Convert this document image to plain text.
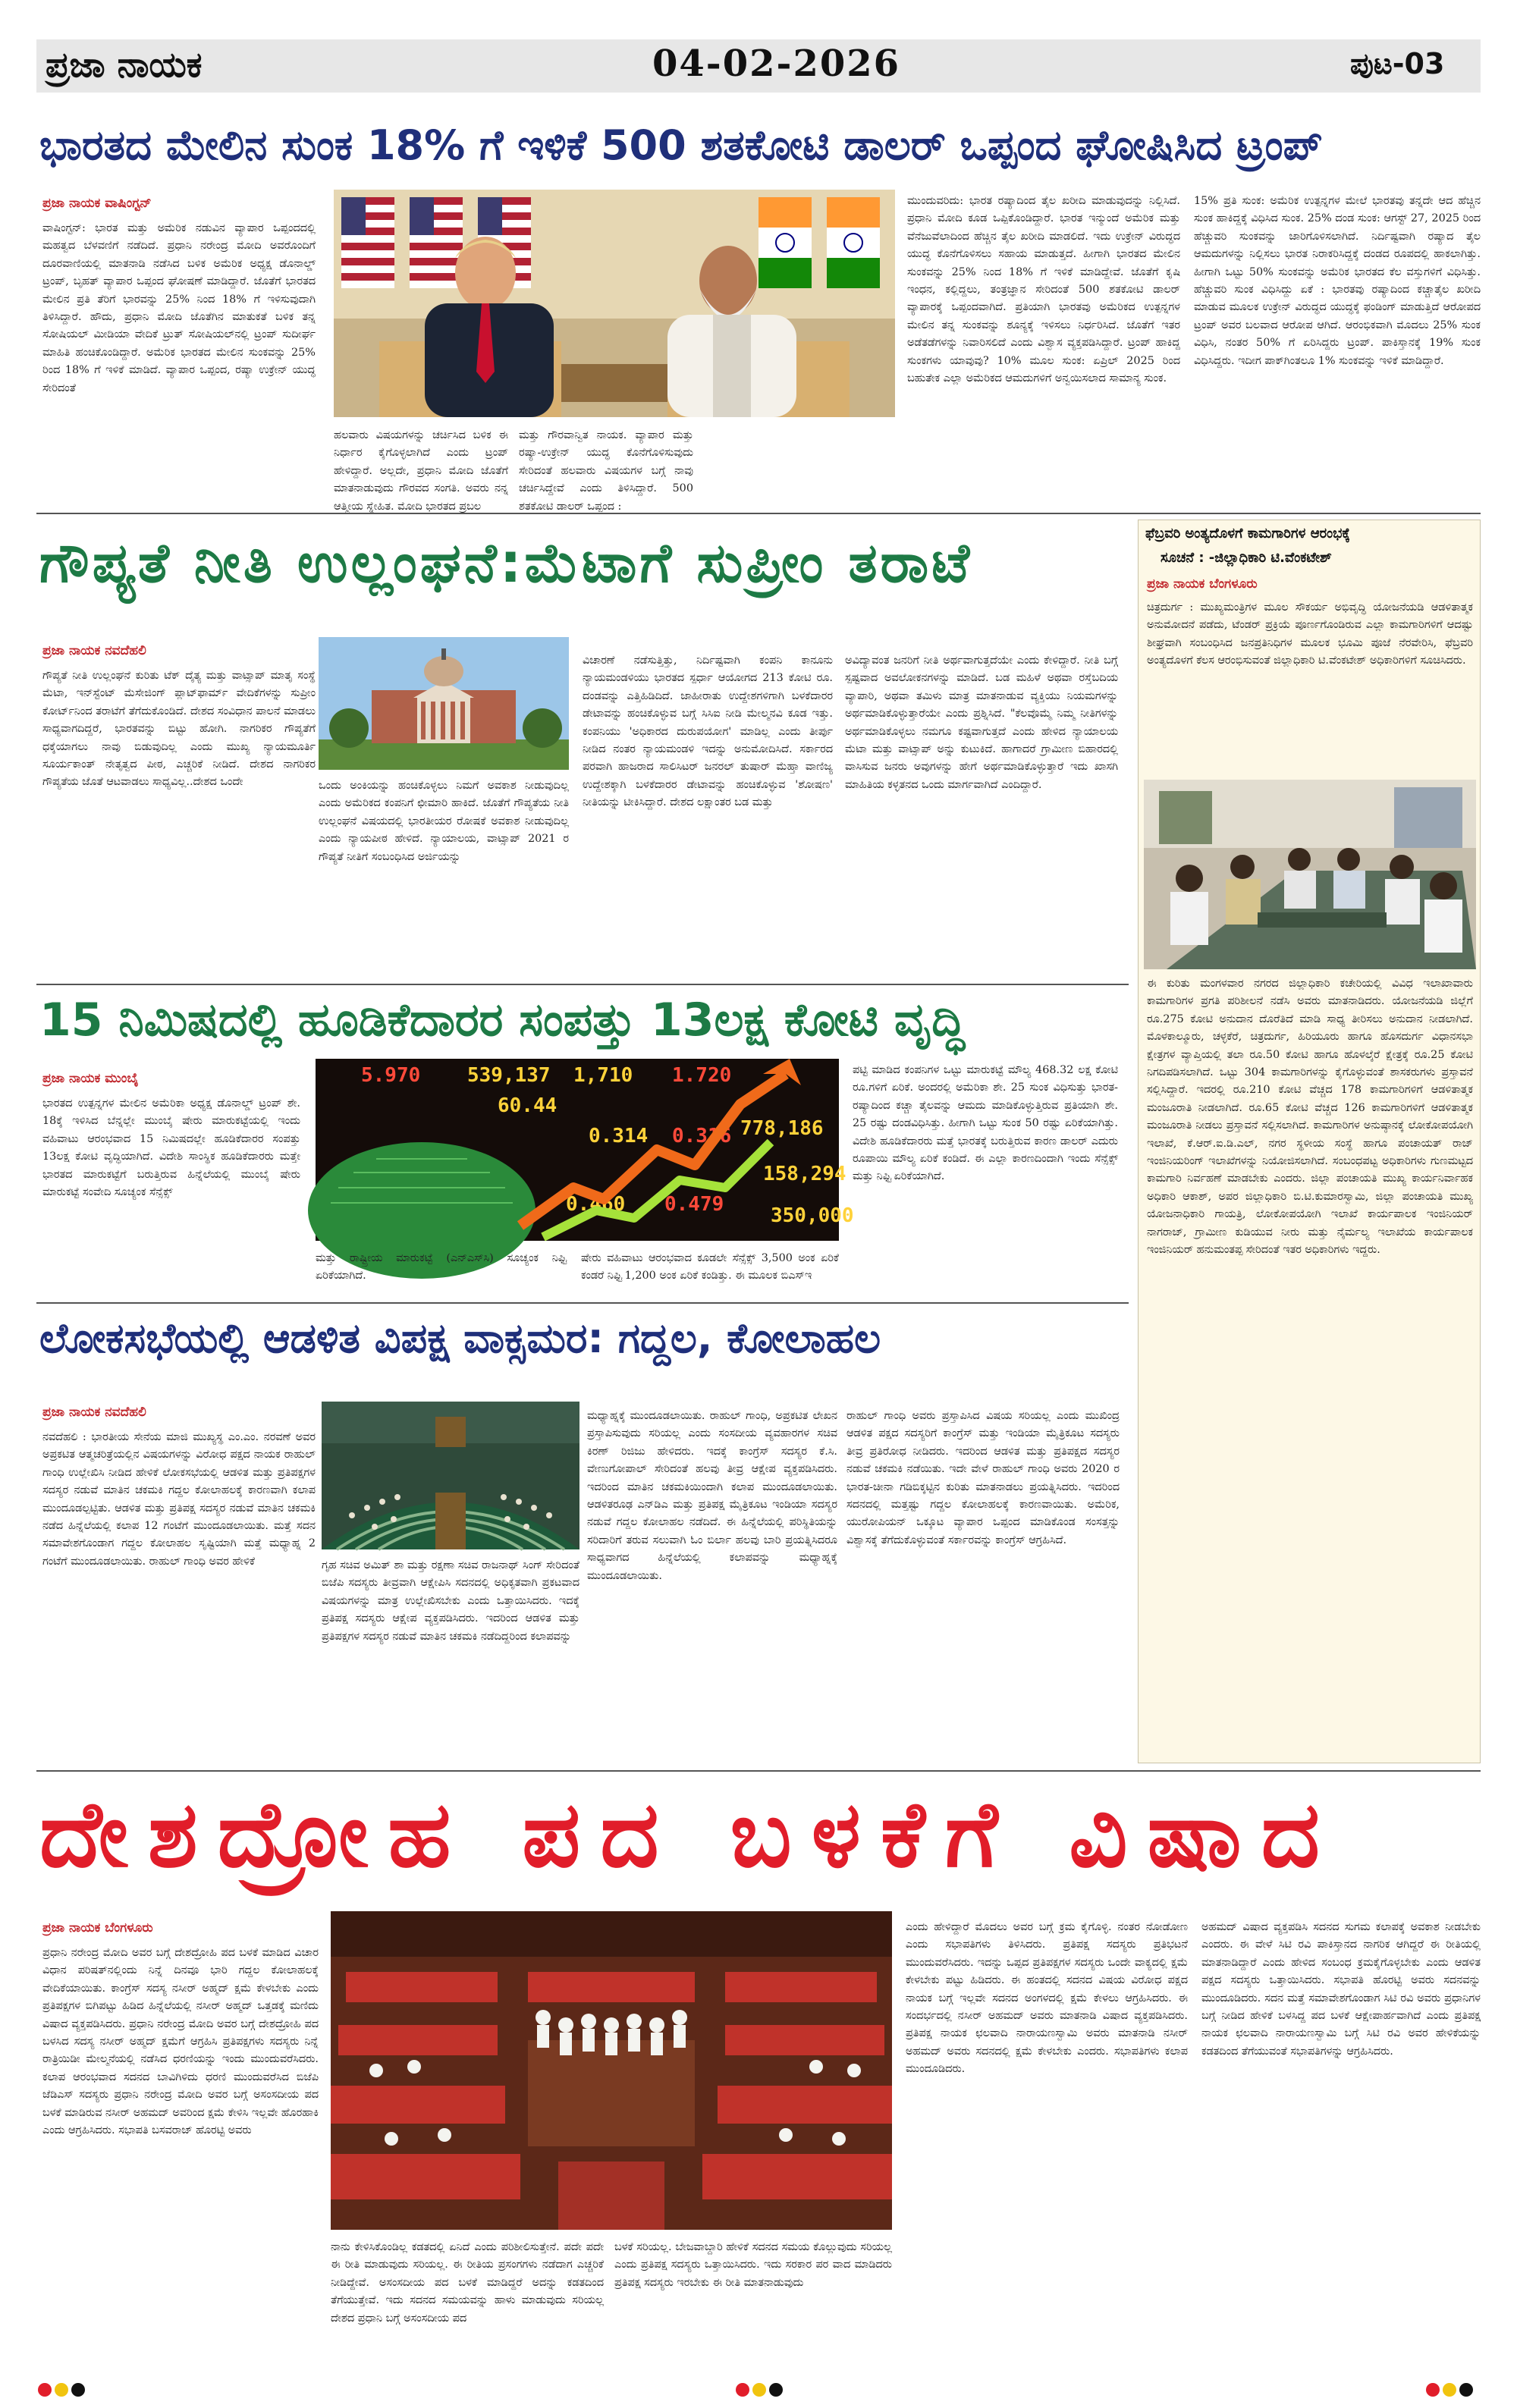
ಪ್ರಜಾ ನಾಯಕ	04-02-2026	ಪುಟ-03
ಭಾರತದ ಮೇಲಿನ ಸುಂಕ 18% ಗೆ ಇಳಿಕೆ 500 ಶತಕೋಟಿ ಡಾಲರ್ ಒಪ್ಪಂದ ಘೋಷಿಸಿದ ಟ್ರಂಪ್
ಪ್ರಜಾ ನಾಯಕ ವಾಷಿಂಗ್ಟನ್
ವಾಷಿಂಗ್ಟನ್: ಭಾರತ ಮತ್ತು ಅಮೆರಿಕ ನಡುವಿನ ವ್ಯಾಪಾರ ಒಪ್ಪಂದದಲ್ಲಿ ಮಹತ್ವದ ಬೆಳವಣಿಗೆ ನಡೆದಿದೆ. ಪ್ರಧಾನಿ ನರೇಂದ್ರ ಮೋದಿ ಅವರೊಂದಿಗೆ ದೂರವಾಣಿಯಲ್ಲಿ ಮಾತನಾಡಿ ನಡೆಸಿದ ಬಳಿಕ ಅಮೆರಿಕ ಅಧ್ಯಕ್ಷ ಡೊನಾಲ್ಡ್ ಟ್ರಂಪ್, ಬೃಹತ್ ವ್ಯಾಪಾರ ಒಪ್ಪಂದ ಘೋಷಣೆ ಮಾಡಿದ್ದಾರೆ. ಜೊತೆಗೆ ಭಾರತದ ಮೇಲಿನ ಪ್ರತಿ ತೆರಿಗೆ ಭಾರವನ್ನು 25% ನಿಂದ 18% ಗೆ ಇಳಿಸುವುದಾಗಿ ತಿಳಿಸಿದ್ದಾರೆ. ಹೌದು, ಪ್ರಧಾನಿ ಮೋದಿ ಜೊತೆಗಿನ ಮಾತುಕತೆ ಬಳಿಕ ತನ್ನ ಸೋಷಿಯಲ್ ಮೀಡಿಯಾ ವೇದಿಕೆ ಟ್ರುತ್ ಸೋಷಿಯಲ್‌ನಲ್ಲಿ ಟ್ರಂಪ್ ಸುದೀರ್ಘ ಮಾಹಿತಿ ಹಂಚಿಕೊಂಡಿದ್ದಾರೆ. ಅಮೆರಿಕ ಭಾರತದ ಮೇಲಿನ ಸುಂಕವನ್ನು 25% ರಿಂದ 18% ಗೆ ಇಳಿಕೆ ಮಾಡಿದೆ. ವ್ಯಾಪಾರ ಒಪ್ಪಂದ, ರಷ್ಯಾ ಉಕ್ರೇನ್ ಯುದ್ಧ ಸೇರಿದಂತೆ
ಹಲವಾರು ವಿಷಯಗಳನ್ನು ಚರ್ಚಿಸಿದ ಬಳಿಕ ಈ ನಿರ್ಧಾರ ಕೈಗೊಳ್ಳಲಾಗಿದೆ ಎಂದು ಟ್ರಂಪ್ ಹೇಳಿದ್ದಾರೆ. ಅಲ್ಲದೇ, ಪ್ರಧಾನಿ ಮೋದಿ ಜೊತೆಗೆ ಮಾತನಾಡುವುದು ಗೌರವದ ಸಂಗತಿ. ಅವರು ನನ್ನ ಆತ್ಮೀಯ ಸ್ನೇಹಿತ. ಮೋದಿ ಭಾರತದ ಪ್ರಬಲ
ಮತ್ತು ಗೌರವಾನ್ವಿತ ನಾಯಕ. ವ್ಯಾಪಾರ ಮತ್ತು ರಷ್ಯಾ-ಉಕ್ರೇನ್ ಯುದ್ಧ ಕೊನೆಗೊಳಿಸುವುದು ಸೇರಿದಂತೆ ಹಲವಾರು ವಿಷಯಗಳ ಬಗ್ಗೆ ನಾವು ಚರ್ಚಿಸಿದ್ದೇವೆ ಎಂದು ತಿಳಿಸಿದ್ದಾರೆ. 500 ಶತಕೋಟಿ ಡಾಲರ್ ಒಪ್ಪಂದ :
ಮುಂದುವರಿದು: ಭಾರತ ರಷ್ಯಾದಿಂದ ತೈಲ ಖರೀದಿ ಮಾಡುವುದನ್ನು ನಿಲ್ಲಿಸಿದೆ. ಪ್ರಧಾನಿ ಮೋದಿ ಕೂಡ ಒಪ್ಪಿಕೊಂಡಿದ್ದಾರೆ. ಭಾರತ ಇನ್ಮುಂದೆ ಅಮೆರಿಕ ಮತ್ತು ವೆನೆಜುವೆಲಾದಿಂದ ಹೆಚ್ಚಿನ ತೈಲ ಖರೀದಿ ಮಾಡಲಿದೆ. ಇದು ಉಕ್ರೇನ್ ವಿರುದ್ಧದ ಯುದ್ಧ ಕೊನೆಗೊಳಿಸಲು ಸಹಾಯ ಮಾಡುತ್ತದೆ. ಹೀಗಾಗಿ ಭಾರತದ ಮೇಲಿನ ಸುಂಕವನ್ನು 25% ನಿಂದ 18% ಗೆ ಇಳಿಕೆ ಮಾಡಿದ್ದೇವೆ. ಜೊತೆಗೆ ಕೃಷಿ ಇಂಧನ, ಕಲ್ಲಿದ್ದಲು, ತಂತ್ರಜ್ಞಾನ ಸೇರಿದಂತೆ 500 ಶತಕೋಟಿ ಡಾಲರ್ ವ್ಯಾಪಾರಕ್ಕೆ ಒಪ್ಪಂದವಾಗಿದೆ. ಪ್ರತಿಯಾಗಿ ಭಾರತವು ಅಮೆರಿಕದ ಉತ್ಪನ್ನಗಳ ಮೇಲಿನ ತನ್ನ ಸುಂಕವನ್ನು ಶೂನ್ಯಕ್ಕೆ ಇಳಿಸಲು ನಿರ್ಧರಿಸಿದೆ. ಜೊತೆಗೆ ಇತರ ಅಡೆತಡೆಗಳನ್ನು ನಿವಾರಿಸಲಿದೆ ಎಂದು ವಿಶ್ವಾಸ ವ್ಯಕ್ತಪಡಿಸಿದ್ದಾರೆ. ಟ್ರಂಪ್ ಹಾಕಿದ್ದ ಸುಂಕಗಳು ಯಾವುವು? 10% ಮೂಲ ಸುಂಕ: ಏಪ್ರಿಲ್ 2025 ರಿಂದ ಬಹುತೇಕ ಎಲ್ಲಾ ಅಮೆರಿಕದ ಆಮದುಗಳಿಗೆ ಅನ್ವಯಿಸಲಾದ ಸಾಮಾನ್ಯ ಸುಂಕ.
15% ಪ್ರತಿ ಸುಂಕ: ಅಮೆರಿಕ ಉತ್ಪನ್ನಗಳ ಮೇಲೆ ಭಾರತವು ತನ್ನದೇ ಆದ ಹೆಚ್ಚಿನ ಸುಂಕ ಹಾಕಿದ್ದಕ್ಕೆ ವಿಧಿಸಿದ ಸುಂಕ. 25% ದಂಡ ಸುಂಕ: ಆಗಸ್ಟ್ 27, 2025 ರಿಂದ ಹೆಚ್ಚುವರಿ ಸುಂಕವನ್ನು ಜಾರಿಗೊಳಿಸಲಾಗಿದೆ. ನಿರ್ದಿಷ್ಟವಾಗಿ ರಷ್ಯಾದ ತೈಲ ಆಮದುಗಳನ್ನು ನಿಲ್ಲಿಸಲು ಭಾರತ ನಿರಾಕರಿಸಿದ್ದಕ್ಕೆ ದಂಡದ ರೂಪದಲ್ಲಿ ಹಾಕಲಾಗಿತ್ತು. ಹೀಗಾಗಿ ಒಟ್ಟು 50% ಸುಂಕವನ್ನು ಅಮೆರಿಕ ಭಾರತದ ಕೆಲ ವಸ್ತುಗಳಿಗೆ ವಿಧಿಸಿತ್ತು. ಹೆಚ್ಚುವರಿ ಸುಂಕ ವಿಧಿಸಿದ್ದು ಏಕೆ : ಭಾರತವು ರಷ್ಯಾದಿಂದ ಕಚ್ಚಾತೈಲ ಖರೀದಿ ಮಾಡುವ ಮೂಲಕ ಉಕ್ರೇನ್ ವಿರುದ್ಧದ ಯುದ್ಧಕ್ಕೆ ಫಂಡಿಂಗ್ ಮಾಡುತ್ತಿದೆ ಆರೋಪದ ಟ್ರಂಪ್ ಅವರ ಬಲವಾದ ಆರೋಪ ಆಗಿದೆ. ಆರಂಭಿಕವಾಗಿ ಮೊದಲು 25% ಸುಂಕ ವಿಧಿಸಿ, ನಂತರ 50% ಗೆ ಏರಿಸಿದ್ದರು ಟ್ರಂಪ್. ಪಾಕಿಸ್ತಾನಕ್ಕೆ 19% ಸುಂಕ ವಿಧಿಸಿದ್ದರು. ಇದೀಗ ಪಾಕ್‌ಗಿಂತಲೂ 1% ಸುಂಕವನ್ನು ಇಳಿಕೆ ಮಾಡಿದ್ದಾರೆ.
ಗೌಪ್ಯತೆ ನೀತಿ ಉಲ್ಲಂಘನೆ:ಮೆಟಾಗೆ ಸುಪ್ರೀಂ ತರಾಟೆ
ಪ್ರಜಾ ನಾಯಕ ನವದೆಹಲಿ
ಗೌಪ್ಯತೆ ನೀತಿ ಉಲ್ಲಂಘನೆ ಕುರಿತು ಟೆಕ್ ದೈತ್ಯ ಮತ್ತು ವಾಟ್ಸಾಪ್ ಮಾತೃ ಸಂಸ್ಥೆ ಮೆಟಾ, ಇನ್‌ಸ್ಟೆಂಟ್ ಮೆಸೇಜಿಂಗ್ ಪ್ಲಾಟ್‌ಫಾರ್ಮ್ ವೇದಿಕೆಗಳನ್ನು ಸುಪ್ರೀಂ ಕೋರ್ಟ್‌ನಿಂದ ತರಾಟೆಗೆ ತೆಗೆದುಕೊಂಡಿದೆ. ದೇಶದ ಸಂವಿಧಾನ ಪಾಲನೆ ಮಾಡಲು ಸಾಧ್ಯವಾಗದಿದ್ದರೆ, ಭಾರತವನ್ನು ಬಿಟ್ಟು ಹೋಗಿ. ನಾಗರಿಕರ ಗೌಪ್ಯತೆಗೆ ಧಕ್ಕೆಯಾಗಲು ನಾವು ಬಿಡುವುದಿಲ್ಲ ಎಂದು ಮುಖ್ಯ ನ್ಯಾಯಮೂರ್ತಿ ಸೂರ್ಯಕಾಂತ್ ನೇತೃತ್ವದ ಪೀಠ, ಎಚ್ಚರಿಕೆ ನೀಡಿದೆ. ದೇಶದ ನಾಗರಿಕರ ಗೌಪ್ಯತೆಯ ಜೊತೆ ಆಟವಾಡಲು ಸಾಧ್ಯವಿಲ್ಲ..ದೇಶದ ಒಂದೇ	ಒಂದು ಅಂಕಿಯನ್ನು ಹಂಚಿಕೊಳ್ಳಲು ನಿಮಗೆ ಅವಕಾಶ ನೀಡುವುದಿಲ್ಲ ಎಂದು ಅಮೆರಿಕದ ಕಂಪನಿಗೆ ಛೀಮಾರಿ ಹಾಕಿದೆ. ಜೊತೆಗೆ ಗೌಪ್ಯತೆಯ ನೀತಿ ಉಲ್ಲಂಘನೆ ವಿಷಯದಲ್ಲಿ ಭಾರತೀಯರ ರೋಷಕೆ ಅವಕಾಶ ನೀಡುವುದಿಲ್ಲ ಎಂದು ನ್ಯಾಯಪೀಠ ಹೇಳಿದೆ. ನ್ಯಾಯಾಲಯ, ವಾಟ್ಸಾಪ್ 2021 ರ ಗೌಪ್ಯತೆ ನೀತಿಗೆ ಸಂಬಂಧಿಸಿದ ಅರ್ಜಿಯನ್ನು
ವಿಚಾರಣೆ ನಡೆಸುತ್ತಿತ್ತು, ನಿರ್ದಿಷ್ಟವಾಗಿ ಕಂಪನಿ ಕಾನೂನು ನ್ಯಾಯಮಂಡಳಿಯು ಭಾರತದ ಸ್ಪರ್ಧಾ ಆಯೋಗದ 213 ಕೋಟಿ ರೂ. ದಂಡವನ್ನು ಎತ್ತಿಹಿಡಿದಿದೆ. ಜಾಹೀರಾತು ಉದ್ದೇಶಗಳಿಗಾಗಿ ಬಳಕೆದಾರರ ಡೇಟಾವನ್ನು ಹಂಚಿಕೊಳ್ಳುವ ಬಗ್ಗೆ ಸಿಸಿಐ ನೀಡಿ ಮೇಲ್ಮನವಿ ಕೂಡ ಇತ್ತು. ಕಂಪನಿಯು 'ಅಧಿಕಾರದ ದುರುಪಯೋಗ' ಮಾಡಿಲ್ಲ ಎಂದು ತೀರ್ಪು ನೀಡಿದ ನಂತರ ನ್ಯಾಯಮಂಡಳಿ ಇದನ್ನು ಅನುಮೋದಿಸಿದೆ. ಸರ್ಕಾರದ ಪರವಾಗಿ ಹಾಜರಾದ ಸಾಲಿಸಿಟರ್ ಜನರಲ್ ತುಷಾರ್ ಮೆಹ್ತಾ ವಾಣಿಜ್ಯ ಉದ್ದೇಶಕ್ಕಾಗಿ ಬಳಕೆದಾರರ ಡೇಟಾವನ್ನು ಹಂಚಿಕೊಳ್ಳುವ 'ಶೋಷಣ' ನೀತಿಯನ್ನು ಟೀಕಿಸಿದ್ದಾರೆ. ದೇಶದ ಲಕ್ಷಾಂತರ ಬಡ ಮತ್ತು
ಅವಿದ್ಯಾವಂತ ಜನರಿಗೆ ನೀತಿ ಅರ್ಥವಾಗುತ್ತದೆಯೇ ಎಂದು ಕೇಳಿದ್ದಾರೆ. ನೀತಿ ಬಗ್ಗೆ ಸ್ಪಷ್ಟವಾದ ಅವಲೋಕನಗಳನ್ನು ಮಾಡಿದೆ. ಬಡ ಮಹಿಳೆ ಅಥವಾ ರಸ್ತೆಬದಿಯ ವ್ಯಾಪಾರಿ, ಅಥವಾ ತಮಿಳು ಮಾತ್ರ ಮಾತನಾಡುವ ವ್ಯಕ್ತಿಯು ನಿಯಮಗಳನ್ನು ಅರ್ಥಮಾಡಿಕೊಳ್ಳುತ್ತಾರೆಯೇ ಎಂದು ಪ್ರಶ್ನಿಸಿದೆ. "ಕೆಲವೊಮ್ಮೆ ನಿಮ್ಮ ನೀತಿಗಳನ್ನು ಅರ್ಥಮಾಡಿಕೊಳ್ಳಲು ನಮಗೂ ಕಷ್ಟವಾಗುತ್ತದೆ ಎಂದು ಹೇಳಿದ ನ್ಯಾಯಾಲಯ ಮೆಟಾ ಮತ್ತು ವಾಟ್ಸಾಪ್ ಅನ್ನು ಕುಟುಕಿದೆ. ಹಾಗಾದರೆ ಗ್ರಾಮೀಣ ಬಿಹಾರದಲ್ಲಿ ವಾಸಿಸುವ ಜನರು ಅವುಗಳನ್ನು ಹೇಗೆ ಅರ್ಥಮಾಡಿಕೊಳ್ಳುತ್ತಾರೆ ಇದು ಖಾಸಗಿ ಮಾಹಿತಿಯ ಕಳ್ಳತನದ ಒಂದು ಮಾರ್ಗವಾಗಿದೆ ಎಂದಿದ್ದಾರೆ.
15 ನಿಮಿಷದಲ್ಲಿ ಹೂಡಿಕೆದಾರರ ಸಂಪತ್ತು 13ಲಕ್ಷ ಕೋಟಿ ವೃದ್ಧಿ
ಪ್ರಜಾ ನಾಯಕ ಮುಂಬೈ
ಭಾರತದ ಉತ್ಪನ್ನಗಳ ಮೇಲಿನ ಅಮೆರಿಕಾ ಅಧ್ಯಕ್ಷ ಡೊನಾಲ್ಡ್ ಟ್ರಂಪ್ ಶೇ. 18ಕ್ಕೆ ಇಳಿಸಿದ ಬೆನ್ನಲ್ಲೇ ಮುಂಬೈ ಷೇರು ಮಾರುಕಟ್ಟೆಯಲ್ಲಿ ಇಂದು ವಹಿವಾಟು ಆರಂಭವಾದ 15 ನಿಮಿಷದಲ್ಲೇ ಹೂಡಿಕೆದಾರರ ಸಂಪತ್ತು 13ಲಕ್ಷ ಕೋಟಿ ವೃದ್ಧಿಯಾಗಿದೆ. ವಿದೇಶಿ ಸಾಂಸ್ಥಿಕ ಹೂಡಿಕೆದಾರರು ಮತ್ತೇ ಭಾರತದ ಮಾರುಕಟ್ಟೆಗೆ ಬರುತ್ತಿರುವ ಹಿನ್ನೆಲೆಯಲ್ಲಿ ಮುಂಬೈ ಷೇರು ಮಾರುಕಟ್ಟೆ ಸಂವೇದಿ ಸೂಚ್ಯಂಕ ಸೆನ್ಸೆಕ್ಸ್
5.970 539,137 1,710 1.720
60.44
0.314 0.316 778,186
0.460 0.479 350,000
158,294
ಮತ್ತು ರಾಷ್ಟ್ರೀಯ ಮಾರುಕಟ್ಟೆ (ಎನ್‌ಎಸ್‌ಸಿ) ಸೂಚ್ಯಂಕ ನಿಫ್ಟಿ ಏರಿಕೆಯಾಗಿದೆ.
ಷೇರು ವಹಿವಾಟು ಆರಂಭವಾದ ಕೂಡಲೇ ಸೆನ್ಸೆಕ್ಸ್ 3,500 ಅಂಕ ಏರಿಕೆ ಕಂಡರೆ ನಿಫ್ಟಿ 1,200 ಅಂಕ ಏರಿಕೆ ಕಂಡಿತ್ತು. ಈ ಮೂಲಕ ಬಿಎಸ್‌ಇ
ಪಟ್ಟಿ ಮಾಡಿದ ಕಂಪನಿಗಳ ಒಟ್ಟು ಮಾರುಕಟ್ಟೆ ಮೌಲ್ಯ 468.32 ಲಕ್ಷ ಕೋಟಿ ರೂ.ಗಳಿಗೆ ಏರಿಕೆ. ಅಂದರಲ್ಲಿ ಅಮೆರಿಕಾ ಶೇ. 25 ಸುಂಕ ವಿಧಿಸುತ್ತು ಭಾರತ- ರಷ್ಯಾದಿಂದ ಕಚ್ಚಾ ತೈಲವನ್ನು ಆಮದು ಮಾಡಿಕೊಳ್ಳುತ್ತಿರುವ ಪ್ರತಿಯಾಗಿ ಶೇ. 25 ರಷ್ಟು ದಂಡವಿಧಿಸಿತ್ತು. ಹೀಗಾಗಿ ಒಟ್ಟು ಸುಂಕ 50 ರಷ್ಟು ಏರಿಕೆಯಾಗಿತ್ತು. ವಿದೇಶಿ ಹೂಡಿಕೆದಾರರು ಮತ್ತೆ ಭಾರತಕ್ಕೆ ಬರುತ್ತಿರುವ ಕಾರಣ ಡಾಲರ್ ಎದುರು ರೂಪಾಯಿ ಮೌಲ್ಯ ಏರಿಕೆ ಕಂಡಿದೆ. ಈ ಎಲ್ಲಾ ಕಾರಣದಿಂದಾಗಿ ಇಂದು ಸೆನ್ಸೆಕ್ಸ್ ಮತ್ತು ನಿಫ್ಟಿ ಏರಿಕೆಯಾಗಿದೆ.
ಲೋಕಸಭೆಯಲ್ಲಿ ಆಡಳಿತ ವಿಪಕ್ಷ ವಾಕ್ಸಮರ: ಗದ್ದಲ, ಕೋಲಾಹಲ
ಪ್ರಜಾ ನಾಯಕ ನವದೆಹಲಿ
ನವದೆಹಲಿ : ಭಾರತೀಯ ಸೇನೆಯ ಮಾಜಿ ಮುಖ್ಯಸ್ಥ ಎಂ.ಎಂ. ನರವಣೆ ಅವರ ಅಪ್ರಕಟಿತ ಆತ್ಮಚರಿತ್ರೆಯಲ್ಲಿನ ವಿಷಯಗಳನ್ನು ವಿರೋಧ ಪಕ್ಷದ ನಾಯಕ ರಾಹುಲ್ ಗಾಂಧಿ ಉಲ್ಲೇಖಿಸಿ ನೀಡಿದ ಹೇಳಿಕೆ ಲೋಕಸಭೆಯಲ್ಲಿ ಆಡಳಿತ ಮತ್ತು ಪ್ರತಿಪಕ್ಷಗಳ ಸದಸ್ಯರ ನಡುವೆ ಮಾತಿನ ಚಕಮಕಿ ಗದ್ದಲ ಕೋಲಾಹಲಕ್ಕೆ ಕಾರಣವಾಗಿ ಕಲಾಪ ಮುಂದೂಡಲ್ಪಟ್ಟಿತು. ಆಡಳಿತ ಮತ್ತು ಪ್ರತಿಪಕ್ಷ ಸದಸ್ಯರ ನಡುವೆ ಮಾತಿನ ಚಕಮಕಿ ನಡೆದ ಹಿನ್ನೆಲೆಯಲ್ಲಿ ಕಲಾಪ 12 ಗಂಟೆಗೆ ಮುಂದೂಡಲಾಯಿತು. ಮತ್ತೆ ಸದನ ಸಮಾವೇಶಗೊಂಡಾಗ ಗದ್ದಲ ಕೋಲಾಹಲ ಸೃಷ್ಟಿಯಾಗಿ ಮತ್ತೆ ಮಧ್ಯಾಹ್ನ 2 ಗಂಟೆಗೆ ಮುಂದೂಡಲಾಯಿತು. ರಾಹುಲ್ ಗಾಂಧಿ ಅವರ ಹೇಳಿಕೆ	ಗೃಹ ಸಚಿವ ಅಮಿತ್ ಶಾ ಮತ್ತು ರಕ್ಷಣಾ ಸಚಿವ ರಾಜನಾಥ್ ಸಿಂಗ್ ಸೇರಿದಂತೆ ಬಿಜೆಪಿ ಸದಸ್ಯರು ತೀವ್ರವಾಗಿ ಆಕ್ಷೇಪಿಸಿ ಸದನದಲ್ಲಿ ಅಧಿಕೃತವಾಗಿ ಪ್ರಕಟವಾದ ವಿಷಯಗಳನ್ನು ಮಾತ್ರ ಉಲ್ಲೇಖಿಸಬೇಕು ಎಂದು ಒತ್ತಾಯಿಸಿದರು. ಇದಕ್ಕೆ ಪ್ರತಿಪಕ್ಷ ಸದಸ್ಯರು ಆಕ್ಷೇಪ ವ್ಯಕ್ತಪಡಿಸಿದರು. ಇದರಿಂದ ಆಡಳಿತ ಮತ್ತು ಪ್ರತಿಪಕ್ಷಗಳ ಸದಸ್ಯರ ನಡುವೆ ಮಾತಿನ ಚಕಮಕಿ ನಡೆದಿದ್ದರಿಂದ ಕಲಾಪವನ್ನು
ಮಧ್ಯಾಹ್ನಕ್ಕೆ ಮುಂದೂಡಲಾಯಿತು. ರಾಹುಲ್ ಗಾಂಧಿ, ಅಪ್ರಕಟಿತ ಲೇಖನ ಪ್ರಸ್ತಾಪಿಸುವುದು ಸರಿಯಲ್ಲ ಎಂದು ಸಂಸದೀಯ ವ್ಯವಹಾರಗಳ ಸಚಿವ ಕಿರಣ್ ರಿಜಿಜು ಹೇಳಿದರು. ಇದಕ್ಕೆ ಕಾಂಗ್ರೆಸ್ ಸದಸ್ಯರ ಕೆ.ಸಿ. ವೇಣುಗೋಪಾಲ್ ಸೇರಿದಂತೆ ಹಲವು ತೀವ್ರ ಆಕ್ಷೇಪ ವ್ಯಕ್ತಪಡಿಸಿದರು. ಇದರಿಂದ ಮಾತಿನ ಚಕಮಕಿಯಿಂದಾಗಿ ಕಲಾಪ ಮುಂದೂಡಲಾಯಿತು. ಆಡಳಿತರೂಢ ಎನ್‌ಡಿಎ ಮತ್ತು ಪ್ರತಿಪಕ್ಷ ಮೈತ್ರಿಕೂಟ ಇಂಡಿಯಾ ಸದಸ್ಯರ ನಡುವೆ ಗದ್ದಲ ಕೋಲಾಹಲ ನಡೆದಿದೆ. ಈ ಹಿನ್ನೆಲೆಯಲ್ಲಿ ಪರಿಸ್ಥಿತಿಯನ್ನು ಸರಿದಾರಿಗೆ ತರುವ ಸಲುವಾಗಿ ಓಂ ಬಿರ್ಲಾ ಹಲವು ಬಾರಿ ಪ್ರಯತ್ನಿಸಿದರೂ ಸಾಧ್ಯವಾಗದ ಹಿನ್ನೆಲೆಯಲ್ಲಿ ಕಲಾಪವನ್ನು ಮಧ್ಯಾಹ್ನಕ್ಕೆ ಮುಂದೂಡಲಾಯಿತು.
ರಾಹುಲ್ ಗಾಂಧಿ ಅವರು ಪ್ರಸ್ತಾಪಿಸಿದ ವಿಷಯ ಸರಿಯಲ್ಲ ಎಂದು ಮುಖಿಂದ್ರ ಆಡಳಿತ ಪಕ್ಷದ ಸದಸ್ಯರಿಗೆ ಕಾಂಗ್ರೆಸ್ ಮತ್ತು ಇಂಡಿಯಾ ಮೈತ್ರಿಕೂಟ ಸದಸ್ಯರು ತೀವ್ರ ಪ್ರತಿರೋಧ ನೀಡಿದರು. ಇದರಿಂದ ಆಡಳಿತ ಮತ್ತು ಪ್ರತಿಪಕ್ಷದ ಸದಸ್ಯರ ನಡುವೆ ಚಕಮಕಿ ನಡೆಯಿತು. ಇದೇ ವೇಳೆ ರಾಹುಲ್ ಗಾಂಧಿ ಅವರು 2020 ರ ಭಾರತ-ಚೀನಾ ಗಡಿಬಿಕ್ಕಟ್ಟಿನ ಕುರಿತು ಮಾತನಾಡಲು ಪ್ರಯತ್ನಿಸಿದರು. ಇದರಿಂದ ಸದನದಲ್ಲಿ ಮತ್ತಷ್ಟು ಗದ್ದಲ ಕೋಲಾಹಲಕ್ಕೆ ಕಾರಣವಾಯಿತು. ಅಮೆರಿಕ, ಯುರೋಪಿಯನ್ ಒಕ್ಕೂಟ ವ್ಯಾಪಾರ ಒಪ್ಪಂದ ಮಾಡಿಕೊಂಡ ಸಂಸತ್ತನ್ನು ವಿಶ್ವಾಸಕ್ಕೆ ತೆಗೆದುಕೊಳ್ಳುವಂತೆ ಸರ್ಕಾರವನ್ನು ಕಾಂಗ್ರೆಸ್ ಆಗ್ರಹಿಸಿದೆ.
ಫೆಬ್ರವರಿ ಅಂತ್ಯದೊಳಗೆ ಕಾಮಗಾರಿಗಳ ಆರಂಭಕ್ಕೆ
ಸೂಚನೆ : -ಜಿಲ್ಲಾಧಿಕಾರಿ ಟಿ.ವೆಂಕಟೇಶ್
ಪ್ರಜಾ ನಾಯಕ ಬೆಂಗಳೂರು
ಚಿತ್ರದುರ್ಗ : ಮುಖ್ಯಮಂತ್ರಿಗಳ ಮೂಲ ಸೌಕರ್ಯ ಅಭಿವೃದ್ಧಿ ಯೋಜನೆಯಡಿ ಆಡಳಿತಾತ್ಮಕ ಅನುಮೋದನೆ ಪಡೆದು, ಟೆಂಡರ್ ಪ್ರಕ್ರಿಯೆ ಪೂರ್ಣಗೊಂಡಿರುವ ಎಲ್ಲಾ ಕಾಮಗಾರಿಗಳಿಗೆ ಆದಷ್ಟು ಶೀಘ್ರವಾಗಿ ಸಂಬಂಧಿಸಿದ ಜನಪ್ರತಿನಿಧಿಗಳ ಮೂಲಕ ಭೂಮಿ ಪೂಜೆ ನೆರವೇರಿಸಿ, ಫೆಬ್ರವರಿ ಅಂತ್ಯದೊಳಗೆ ಕೆಲಸ ಆರಂಭಿಸುವಂತೆ ಜಿಲ್ಲಾಧಿಕಾರಿ ಟಿ.ವೆಂಕಟೇಶ್ ಅಧಿಕಾರಿಗಳಿಗೆ ಸೂಚಿಸಿದರು.
ಈ ಕುರಿತು ಮಂಗಳವಾರ ನಗರದ ಜಿಲ್ಲಾಧಿಕಾರಿ ಕಚೇರಿಯಲ್ಲಿ ವಿವಿಧ ಇಲಾಖಾವಾರು ಕಾಮಗಾರಿಗಳ ಪ್ರಗತಿ ಪರಿಶೀಲನೆ ನಡೆಸಿ ಅವರು ಮಾತನಾಡಿದರು. ಯೋಜನೆಯಡಿ ಜಿಲ್ಲೆಗೆ ರೂ.275 ಕೋಟಿ ಅನುದಾನ ದೊರೆತಿದೆ ಮಾಡಿ ಸಾಧ್ಯ ತೀರಿಸಲು ಅನುದಾನ ನೀಡಲಾಗಿದೆ. ಮೊಳಕಾಲ್ಮೂರು, ಚಳ್ಳಕೆರೆ, ಚಿತ್ರದುರ್ಗ, ಹಿರಿಯೂರು ಹಾಗೂ ಹೊಸದುರ್ಗ ವಿಧಾನಸಭಾ ಕ್ಷೇತ್ರಗಳ ವ್ಯಾಪ್ತಿಯಲ್ಲಿ ತಲಾ ರೂ.50 ಕೋಟಿ ಹಾಗೂ ಹೊಳಲ್ಕೆರೆ ಕ್ಷೇತ್ರಕ್ಕೆ ರೂ.25 ಕೋಟಿ ನಿಗದಿಪಡಿಸಲಾಗಿದೆ. ಒಟ್ಟು 304 ಕಾಮಗಾರಿಗಳನ್ನು ಕೈಗೊಳ್ಳುವಂತೆ ಶಾಸಕರುಗಳು ಪ್ರಸ್ತಾವನೆ ಸಲ್ಲಿಸಿದ್ದಾರೆ. ಇದರಲ್ಲಿ ರೂ.210 ಕೋಟಿ ವೆಚ್ಚದ 178 ಕಾಮಗಾರಿಗಳಿಗೆ ಆಡಳಿತಾತ್ಮಕ ಮಂಜೂರಾತಿ ನೀಡಲಾಗಿದೆ. ರೂ.65 ಕೋಟಿ ವೆಚ್ಚದ 126 ಕಾಮಗಾರಿಗಳಿಗೆ ಆಡಳಿತಾತ್ಮಕ ಮಂಜೂರಾತಿ ನೀಡಲು ಪ್ರಸ್ತಾವನೆ ಸಲ್ಲಿಸಲಾಗಿದೆ. ಕಾಮಗಾರಿಗಳ ಅನುಷ್ಠಾನಕ್ಕೆ ಲೋಕೋಪಯೋಗಿ ಇಲಾಖೆ, ಕೆ.ಆರ್.ಐ.ಡಿ.ಎಲ್, ನಗರ ಸ್ಥಳೀಯ ಸಂಸ್ಥೆ ಹಾಗೂ ಪಂಚಾಯತ್ ರಾಜ್ ಇಂಜಿನಿಯರಿಂಗ್ ಇಲಾಖೆಗಳನ್ನು ನಿಯೋಜಿಸಲಾಗಿದೆ. ಸಂಬಂಧಪಟ್ಟ ಅಧಿಕಾರಿಗಳು ಗುಣಮಟ್ಟದ ಕಾಮಗಾರಿ ನಿರ್ವಹಣೆ ಮಾಡಬೇಕು ಎಂದರು. ಜಿಲ್ಲಾ ಪಂಚಾಯತಿ ಮುಖ್ಯ ಕಾರ್ಯನಿರ್ವಾಹಕ ಅಧಿಕಾರಿ ಆಕಾಶ್, ಅಪರ ಜಿಲ್ಲಾಧಿಕಾರಿ ಬಿ.ಟಿ.ಕುಮಾರಸ್ವಾಮಿ, ಜಿಲ್ಲಾ ಪಂಚಾಯತಿ ಮುಖ್ಯ ಯೋಜನಾಧಿಕಾರಿ ಗಾಯತ್ರಿ, ಲೋಕೋಪಯೋಗಿ ಇಲಾಖೆ ಕಾರ್ಯಪಾಲಕ ಇಂಜಿನಿಯರ್ ನಾಗರಾಜ್, ಗ್ರಾಮೀಣ ಕುಡಿಯುವ ನೀರು ಮತ್ತು ನೈರ್ಮಲ್ಯ ಇಲಾಖೆಯ ಕಾರ್ಯಪಾಲಕ ಇಂಜಿನಿಯರ್ ಹನುಮಂತಪ್ಪ ಸೇರಿದಂತೆ ಇತರ ಅಧಿಕಾರಿಗಳು ಇದ್ದರು.
ದೇಶದ್ರೋಹ ಪದ ಬಳಕೆಗೆ ವಿಷಾದ
ಪ್ರಜಾ ನಾಯಕ ಬೆಂಗಳೂರು
ಪ್ರಧಾನಿ ನರೇಂದ್ರ ಮೋದಿ ಅವರ ಬಗ್ಗೆ ದೇಶದ್ರೋಹಿ ಪದ ಬಳಕೆ ಮಾಡಿದ ವಿಚಾರ ವಿಧಾನ ಪರಿಷತ್‌ನಲ್ಲಿಂದು ನಿನ್ನೆ ದಿನವೂ ಭಾರಿ ಗದ್ದಲ ಕೋಲಾಹಲಕ್ಕೆ ವೇದಿಕೆಯಾಯಿತು. ಕಾಂಗ್ರೆಸ್ ಸದಸ್ಯ ನಸೀರ್ ಅಹ್ಮದ್ ಕ್ಷಮೆ ಕೇಳಬೇಕು ಎಂದು ಪ್ರತಿಪಕ್ಷಗಳ ಬಿಗಿಪಟ್ಟು ಹಿಡಿದ ಹಿನ್ನೆಲೆಯಲ್ಲಿ ನಸೀರ್ ಅಹ್ಮದ್ ಒತ್ತಡಕ್ಕೆ ಮಣಿದು ವಿಷಾದ ವ್ಯಕ್ತಪಡಿಸಿದರು. ಪ್ರಧಾನಿ ನರೇಂದ್ರ ಮೋದಿ ಅವರ ಬಗ್ಗೆ ದೇಶದ್ರೋಹಿ ಪದ ಬಳಸಿದ ಸದಸ್ಯ ನಸೀರ್ ಅಹ್ಮದ್ ಕ್ಷಮೆಗೆ ಆಗ್ರಹಿಸಿ ಪ್ರತಿಪಕ್ಷಗಳು ಸದಸ್ಯರು ನಿನ್ನೆ ರಾತ್ರಿಯಿಡೀ ಮೇಲ್ಮನೆಯಲ್ಲಿ ನಡೆಸಿದ ಧರಣಿಯನ್ನು ಇಂದು ಮುಂದುವರೆಸಿದರು. ಕಲಾಪ ಆರಂಭವಾದ ಸದನದ ಬಾವಿಗಿಳಿದು ಧರಣಿ ಮುಂದುವರೆಸಿದ ಬಿಜೆಪಿ ಜೆಡಿಎಸ್ ಸದಸ್ಯರು ಪ್ರಧಾನಿ ನರೇಂದ್ರ ಮೋದಿ ಅವರ ಬಗ್ಗೆ ಅಸಂಸದೀಯ ಪದ ಬಳಕೆ ಮಾಡಿರುವ ನಸೀರ್ ಅಹಮದ್ ಅವರಿಂದ ಕ್ಷಮೆ ಕೇಳಿಸಿ ಇಲ್ಲವೇ ಹೊರಹಾಕಿ ಎಂದು ಆಗ್ರಹಿಸಿದರು. ಸಭಾಪತಿ ಬಸವರಾಜ್ ಹೊರಟ್ಟಿ ಅವರು
ನಾನು ಕೇಳಿಸಿಕೊಂಡಿಲ್ಲ ಕಡತದಲ್ಲಿ ಏನಿದೆ ಎಂದು ಪರಿಶೀಲಿಸುತ್ತೇನೆ. ಪದೇ ಪದೇ ಈ ರೀತಿ ಮಾಡುವುದು ಸರಿಯಲ್ಲ. ಈ ರೀತಿಯ ಪ್ರಸಂಗಗಳು ನಡೆದಾಗ ಎಚ್ಚರಿಕೆ ನೀಡಿದ್ದೇವೆ. ಅಸಂಸದೀಯ ಪದ ಬಳಕೆ ಮಾಡಿದ್ದರೆ ಅದನ್ನು ಕಡತದಿಂದ ತೆಗೆಯುತ್ತೇವೆ. ಇದು ಸದನದ ಸಮಯವನ್ನು ಹಾಳು ಮಾಡುವುದು ಸರಿಯಲ್ಲ ದೇಶದ ಪ್ರಧಾನಿ ಬಗ್ಗೆ ಅಸಂಸದೀಯ ಪದ
ಬಳಕೆ ಸರಿಯಲ್ಲ. ಬೇಜವಾಬ್ದಾರಿ ಹೇಳಿಕೆ ಸದನದ ಸಮಯ ಕೊಲ್ಲುವುದು ಸರಿಯಲ್ಲ ಎಂದು ಪ್ರತಿಪಕ್ಷ ಸದಸ್ಯರು ಒತ್ತಾಯಿಸಿದರು. ಇದು ಸರಕಾರ ಪರ ವಾದ ಮಾಡಿದರು ಪ್ರತಿಪಕ್ಷ ಸದಸ್ಯರು ಇರಬೇಕು ಈ ರೀತಿ ಮಾತನಾಡುವುದು
ಎಂದು ಹೇಳಿದ್ದಾರೆ ಮೊದಲು ಅವರ ಬಗ್ಗೆ ಕ್ರಮ ಕೈಗೊಳ್ಳಿ. ನಂತರ ನೋಡೋಣ ಎಂದು ಸಭಾಪತಿಗಳು ತಿಳಿಸಿದರು. ಪ್ರತಿಪಕ್ಷ ಸದಸ್ಯರು ಪ್ರತಿಭಟನೆ ಮುಂದುವರೆಸಿದರು. ಇದನ್ನು ಒಪ್ಪದ ಪ್ರತಿಪಕ್ಷಗಳ ಸದಸ್ಯರು ಒಂದೇ ವಾಕ್ಯದಲ್ಲಿ ಕ್ಷಮೆ ಕೇಳಬೇಕು ಪಟ್ಟು ಹಿಡಿದರು. ಈ ಹಂತದಲ್ಲಿ ಸದನದ ವಿಷಯ ವಿರೋಧ ಪಕ್ಷದ ನಾಯಕ ಬಗ್ಗೆ ಇಲ್ಲವೇ ಸದನದ ಅಂಗಳದಲ್ಲಿ ಕ್ಷಮೆ ಕೇಳಲು ಆಗ್ರಹಿಸಿದರು. ಈ ಸಂದರ್ಭದಲ್ಲಿ ನಸೀರ್ ಅಹಮದ್ ಅವರು ಮಾತನಾಡಿ ವಿಷಾದ ವ್ಯಕ್ತಪಡಿಸಿದರು. ಪ್ರತಿಪಕ್ಷ ನಾಯಕ ಛಲವಾದಿ ನಾರಾಯಣಸ್ವಾಮಿ ಅವರು ಮಾತನಾಡಿ ನಸೀರ್ ಅಹಮದ್ ಅವರು ಸದನದಲ್ಲಿ ಕ್ಷಮೆ ಕೇಳಬೇಕು ಎಂದರು. ಸಭಾಪತಿಗಳು ಕಲಾಪ ಮುಂದೂಡಿದರು.
ಅಹಮದ್ ವಿಷಾದ ವ್ಯಕ್ತಪಡಿಸಿ ಸದನದ ಸುಗಮ ಕಲಾಪಕ್ಕೆ ಅವಕಾಶ ನೀಡಬೇಕು ಎಂದರು. ಈ ವೇಳೆ ಸಿಟಿ ರವಿ ಪಾಕಿಸ್ತಾನದ ನಾಗರಿಕ ಆಗಿದ್ದರೆ ಈ ರೀತಿಯಲ್ಲಿ ಮಾತನಾಡಿದ್ದಾರೆ ಎಂದು ಹೇಳಿದ ಸಂಬಂಧ ಕ್ರಮಕೈಗೊಳ್ಳಬೇಕು ಎಂದು ಆಡಳಿತ ಪಕ್ಷದ ಸದಸ್ಯರು ಒತ್ತಾಯಿಸಿದರು. ಸಭಾಪತಿ ಹೊರಟ್ಟಿ ಅವರು ಸದನವನ್ನು ಮುಂದೂಡಿದರು. ಸದನ ಮತ್ತೆ ಸಮಾವೇಶಗೊಂಡಾಗ ಸಿಟಿ ರವಿ ಅವರು ಪ್ರಧಾನಿಗಳ ಬಗ್ಗೆ ನೀಡಿದ ಹೇಳಿಕೆ ಬಳಸಿದ್ದ ಪದ ಬಳಕೆ ಆಕ್ಷೇಪಾರ್ಹವಾಗಿದೆ ಎಂದು ಪ್ರತಿಪಕ್ಷ ನಾಯಕ ಛಲವಾದಿ ನಾರಾಯಣಸ್ವಾಮಿ ಬಗ್ಗೆ ಸಿಟಿ ರವಿ ಅವರ ಹೇಳಿಕೆಯನ್ನು ಕಡತದಿಂದ ತೆಗೆಯುವಂತೆ ಸಭಾಪತಿಗಳನ್ನು ಆಗ್ರಹಿಸಿದರು.
